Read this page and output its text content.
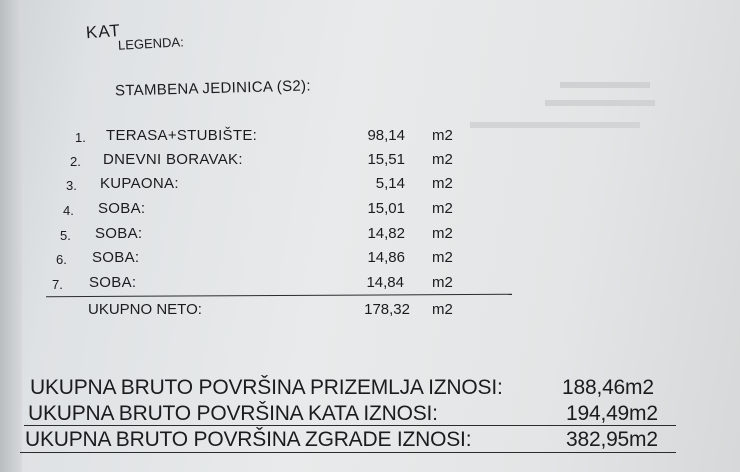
KAT
LEGENDA:
STAMBENA JEDINICA (S2):
1. TERASA+STUBIŠTE:	98,14 m2
2. DNEVNI BORAVAK:	15,51 m2
3. KUPAONA:	5,14 m2
4. SOBA:	15,01 m2
5. SOBA:	14,82 m2
6. SOBA:	14,86 m2
7. SOBA:	14,84 m2
UKUPNO NETO:	178,32 m2
UKUPNA BRUTO POVRŠINA PRIZEMLJA IZNOSI:	188,46m2
UKUPNA BRUTO POVRŠINA KATA IZNOSI:	194,49m2
UKUPNA BRUTO POVRŠINA ZGRADE IZNOSI:	382,95m2
